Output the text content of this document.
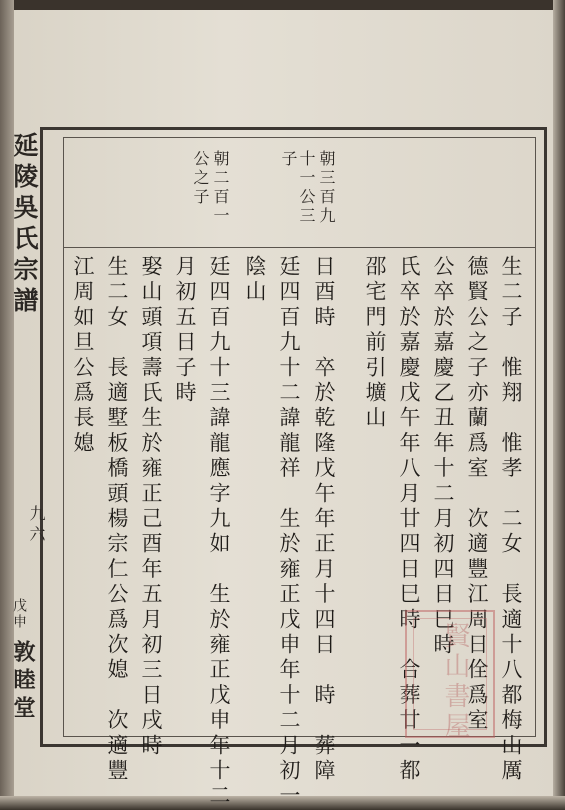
延陵吳氏宗譜
九六
戊申
敦睦堂
朝三百九
十一公三
子
朝二百一
公之子
生二子　惟翔　惟孝　二女　長適十八都梅山厲
德賢公之子亦蘭爲室　次適豐江周日佺爲室
公卒於嘉慶乙丑年十二月初四日巳時
氏卒於嘉慶戊午年八月廿四日巳時　合葬廿一都
邵宅門前引壙山
日酉時　卒於乾隆戊午年正月十四日　時　葬障
廷四百九十二諱龍祥　生於雍正戊申年十二月初一
陰山
廷四百九十三諱龍應字九如　生於雍正戊申年十二
月初五日子時
娶山頭項壽氏生於雍正己酉年五月初三日戌時
生二女　長適墅板橋頭楊宗仁公爲次媳　次適豐
江周如旦公爲長媳
賢山書屋
